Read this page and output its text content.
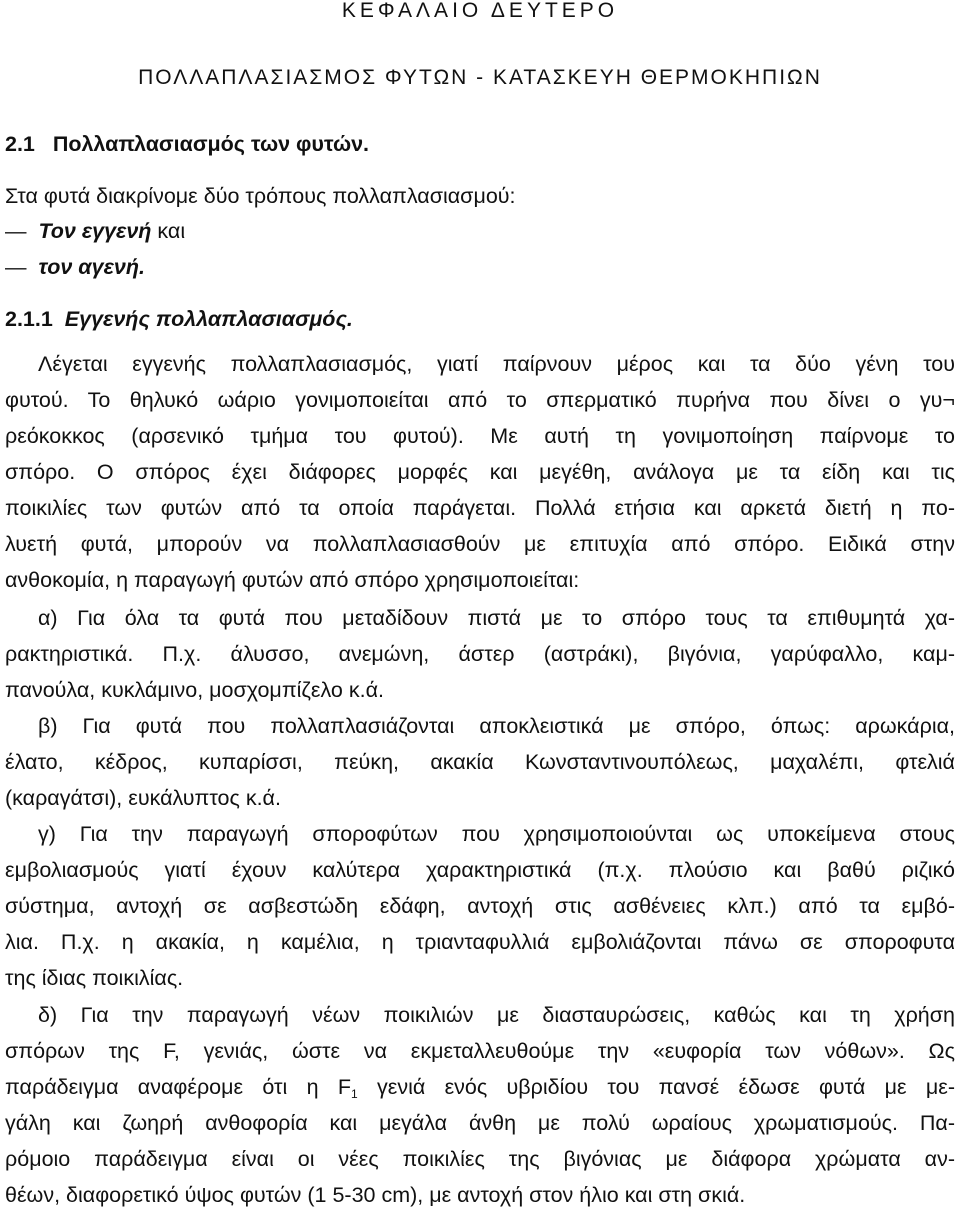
ΚΕΦΑΛΑΙΟ ΔΕΥΤΕΡΟ
ΠΟΛΛΑΠΛΑΣΙΑΣΜΟΣ ΦΥΤΩΝ - ΚΑΤΑΣΚΕΥΗ ΘΕΡΜΟΚΗΠΙΩΝ
2.1 Πολλαπλασιασμός των φυτών.
Στα φυτά διακρίνομε δύο τρόπους πολλαπλασιασμού:
— Τον εγγενή και
— τον αγενή.
2.1.1 Εγγενής πολλαπλασιασμός.
Λέγεται εγγενής πολλαπλασιασμός, γιατί παίρνουν μέρος και τα δύο γένη του
φυτού. Το θηλυκό ωάριο γονιμοποιείται από το σπερματικό πυρήνα που δίνει ο γυ¬
ρεόκοκκος (αρσενικό τμήμα του φυτού). Με αυτή τη γονιμοποίηση παίρνομε το
σπόρο. Ο σπόρος έχει διάφορες μορφές και μεγέθη, ανάλογα με τα είδη και τις
ποικιλίες των φυτών από τα οποία παράγεται. Πολλά ετήσια και αρκετά διετή η πο-
λυετή φυτά, μπορούν να πολλαπλασιασθούν με επιτυχία από σπόρο. Ειδικά στην
ανθοκομία, η παραγωγή φυτών από σπόρο χρησιμοποιείται:
α) Για όλα τα φυτά που μεταδίδουν πιστά με το σπόρο τους τα επιθυμητά χα-
ρακτηριστικά. Π.χ. άλυσσο, ανεμώνη, άστερ (αστράκι), βιγόνια, γαρύφαλλο, καμ-
πανούλα, κυκλάμινο, μοσχομπίζελο κ.ά.
β) Για φυτά που πολλαπλασιάζονται αποκλειστικά με σπόρο, όπως: αρωκάρια,
έλατο, κέδρος, κυπαρίσσι, πεύκη, ακακία Κωνσταντινουπόλεως, μαχαλέπι, φτελιά
(καραγάτσι), ευκάλυπτος κ.ά.
γ) Για την παραγωγή σποροφύτων που χρησιμοποιούνται ως υποκείμενα στους
εμβολιασμούς γιατί έχουν καλύτερα χαρακτηριστικά (π.χ. πλούσιο και βαθύ ριζικό
σύστημα, αντοχή σε ασβεστώδη εδάφη, αντοχή στις ασθένειες κλπ.) από τα εμβό-
λια. Π.χ. η ακακία, η καμέλια, η τριανταφυλλιά εμβολιάζονται πάνω σε σποροφυτα
της ίδιας ποικιλίας.
δ) Για την παραγωγή νέων ποικιλιών με διασταυρώσεις, καθώς και τη χρήση
σπόρων της F, γενιάς, ώστε να εκμεταλλευθούμε την «ευφορία των νόθων». Ως
παράδειγμα αναφέρομε ότι η $F_1$ γενιά ενός υβριδίου του πανσέ έδωσε φυτά με με-
γάλη και ζωηρή ανθοφορία και μεγάλα άνθη με πολύ ωραίους χρωματισμούς. Πα-
ρόμοιο παράδειγμα είναι οι νέες ποικιλίες της βιγόνιας με διάφορα χρώματα αν-
θέων, διαφορετικό ύψος φυτών (1 5-30 cm), με αντοχή στον ήλιο και στη σκιά.
